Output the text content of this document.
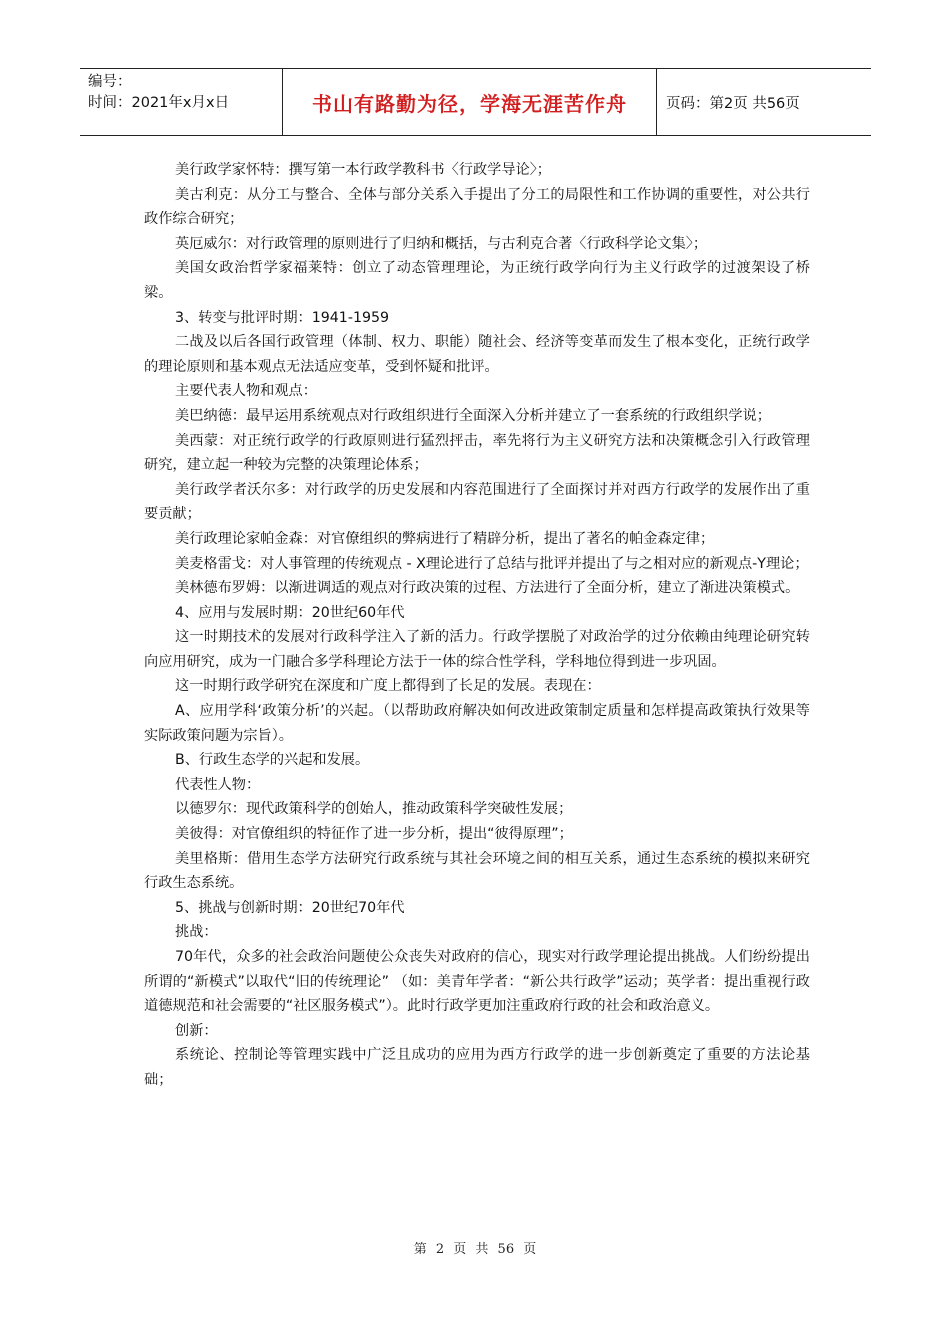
编号：
时间：2021年x月x日	书山有路勤为径，学海无涯苦作舟	页码：第2页 共56页

美行政学家怀特：撰写第一本行政学教科书〈行政学导论〉；

美古利克：从分工与整合、全体与部分关系入手提出了分工的局限性和工作协调的重要性，对公共行政作综合研究；

英厄威尔：对行政管理的原则进行了归纳和概括，与古利克合著〈行政科学论文集〉；

美国女政治哲学家福莱特：创立了动态管理理论，为正统行政学向行为主义行政学的过渡架设了桥梁。

3、转变与批评时期：1941-1959

二战及以后各国行政管理（体制、权力、职能）随社会、经济等变革而发生了根本变化，正统行政学的理论原则和基本观点无法适应变革，受到怀疑和批评。

主要代表人物和观点：

美巴纳德：最早运用系统观点对行政组织进行全面深入分析并建立了一套系统的行政组织学说；

美西蒙：对正统行政学的行政原则进行猛烈抨击，率先将行为主义研究方法和决策概念引入行政管理研究，建立起一种较为完整的决策理论体系；

美行政学者沃尔多：对行政学的历史发展和内容范围进行了全面探讨并对西方行政学的发展作出了重要贡献；

美行政理论家帕金森：对官僚组织的弊病进行了精辟分析，提出了著名的帕金森定律；

美麦格雷戈：对人事管理的传统观点 - X理论进行了总结与批评并提出了与之相对应的新观点-Y理论；

美林德布罗姆：以渐进调适的观点对行政决策的过程、方法进行了全面分析，建立了渐进决策模式。

4、应用与发展时期：20世纪60年代

这一时期技术的发展对行政科学注入了新的活力。行政学摆脱了对政治学的过分依赖由纯理论研究转向应用研究，成为一门融合多学科理论方法于一体的综合性学科，学科地位得到进一步巩固。

这一时期行政学研究在深度和广度上都得到了长足的发展。表现在：

A、应用学科‘政策分析’的兴起。（以帮助政府解决如何改进政策制定质量和怎样提高政策执行效果等实际政策问题为宗旨）。

B、行政生态学的兴起和发展。

代表性人物：

以德罗尔：现代政策科学的创始人，推动政策科学突破性发展；

美彼得：对官僚组织的特征作了进一步分析，提出“彼得原理”；

美里格斯：借用生态学方法研究行政系统与其社会环境之间的相互关系，通过生态系统的模拟来研究行政生态系统。

5、挑战与创新时期：20世纪70年代

挑战：

70年代，众多的社会政治问题使公众丧失对政府的信心，现实对行政学理论提出挑战。人们纷纷提出所谓的“新模式”以取代“旧的传统理论” （如：美青年学者：“新公共行政学”运动；英学者：提出重视行政道德规范和社会需要的“社区服务模式”）。此时行政学更加注重政府行政的社会和政治意义。

创新：

系统论、控制论等管理实践中广泛且成功的应用为西方行政学的进一步创新奠定了重要的方法论基础；

第 2 页 共 56 页
